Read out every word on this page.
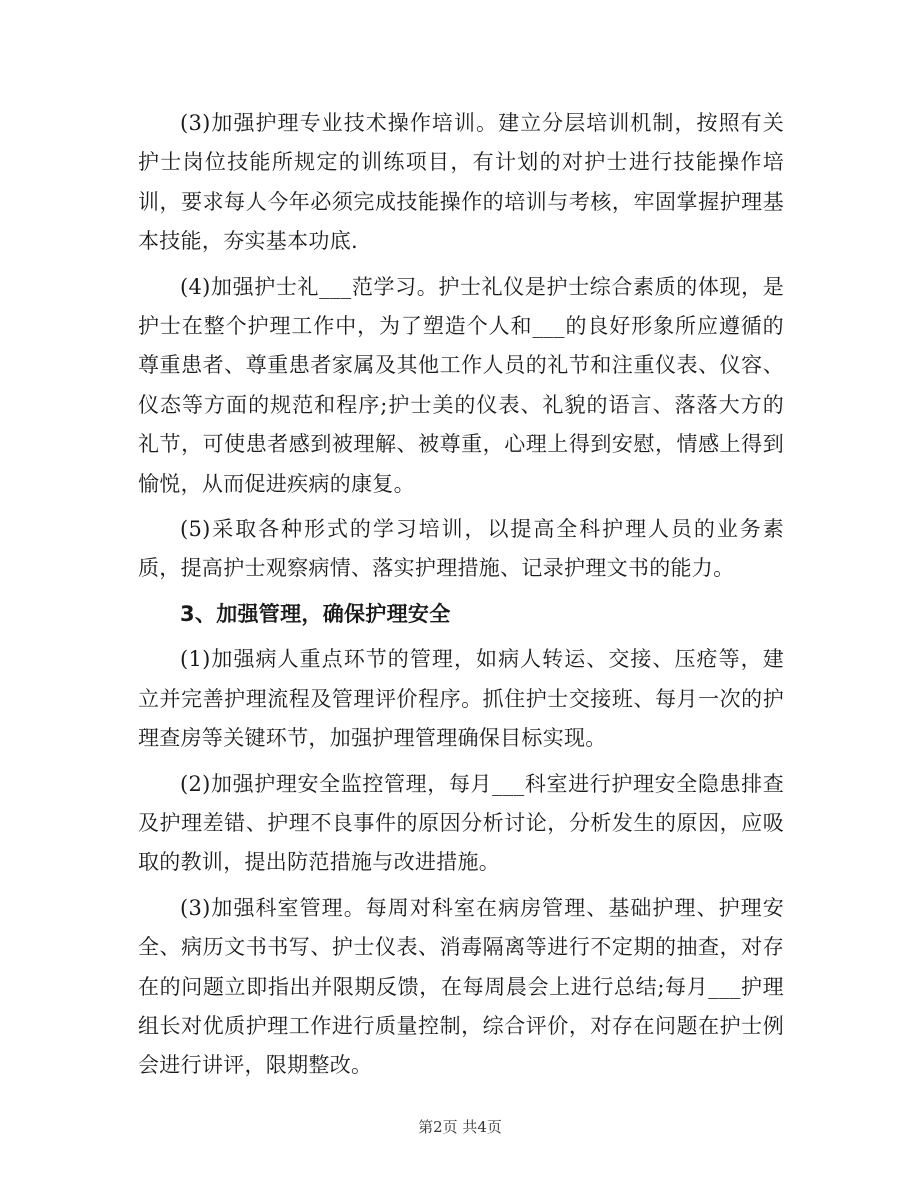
(3)加强护理专业技术操作培训。建立分层培训机制，按照有关护士岗位技能所规定的训练项目，有计划的对护士进行技能操作培训，要求每人今年必须完成技能操作的培训与考核，牢固掌握护理基本技能，夯实基本功底.

(4)加强护士礼___范学习。护士礼仪是护士综合素质的体现，是护士在整个护理工作中，为了塑造个人和___的良好形象所应遵循的尊重患者、尊重患者家属及其他工作人员的礼节和注重仪表、仪容、仪态等方面的规范和程序;护士美的仪表、礼貌的语言、落落大方的礼节，可使患者感到被理解、被尊重，心理上得到安慰，情感上得到愉悦，从而促进疾病的康复。

(5)采取各种形式的学习培训，以提高全科护理人员的业务素质，提高护士观察病情、落实护理措施、记录护理文书的能力。

3、加强管理，确保护理安全

(1)加强病人重点环节的管理，如病人转运、交接、压疮等，建立并完善护理流程及管理评价程序。抓住护士交接班、每月一次的护理查房等关键环节，加强护理管理确保目标实现。

(2)加强护理安全监控管理，每月___科室进行护理安全隐患排查及护理差错、护理不良事件的原因分析讨论，分析发生的原因，应吸取的教训，提出防范措施与改进措施。

(3)加强科室管理。每周对科室在病房管理、基础护理、护理安全、病历文书书写、护士仪表、消毒隔离等进行不定期的抽查，对存在的问题立即指出并限期反馈，在每周晨会上进行总结;每月___护理组长对优质护理工作进行质量控制，综合评价，对存在问题在护士例会进行讲评，限期整改。

第2页 共4页
